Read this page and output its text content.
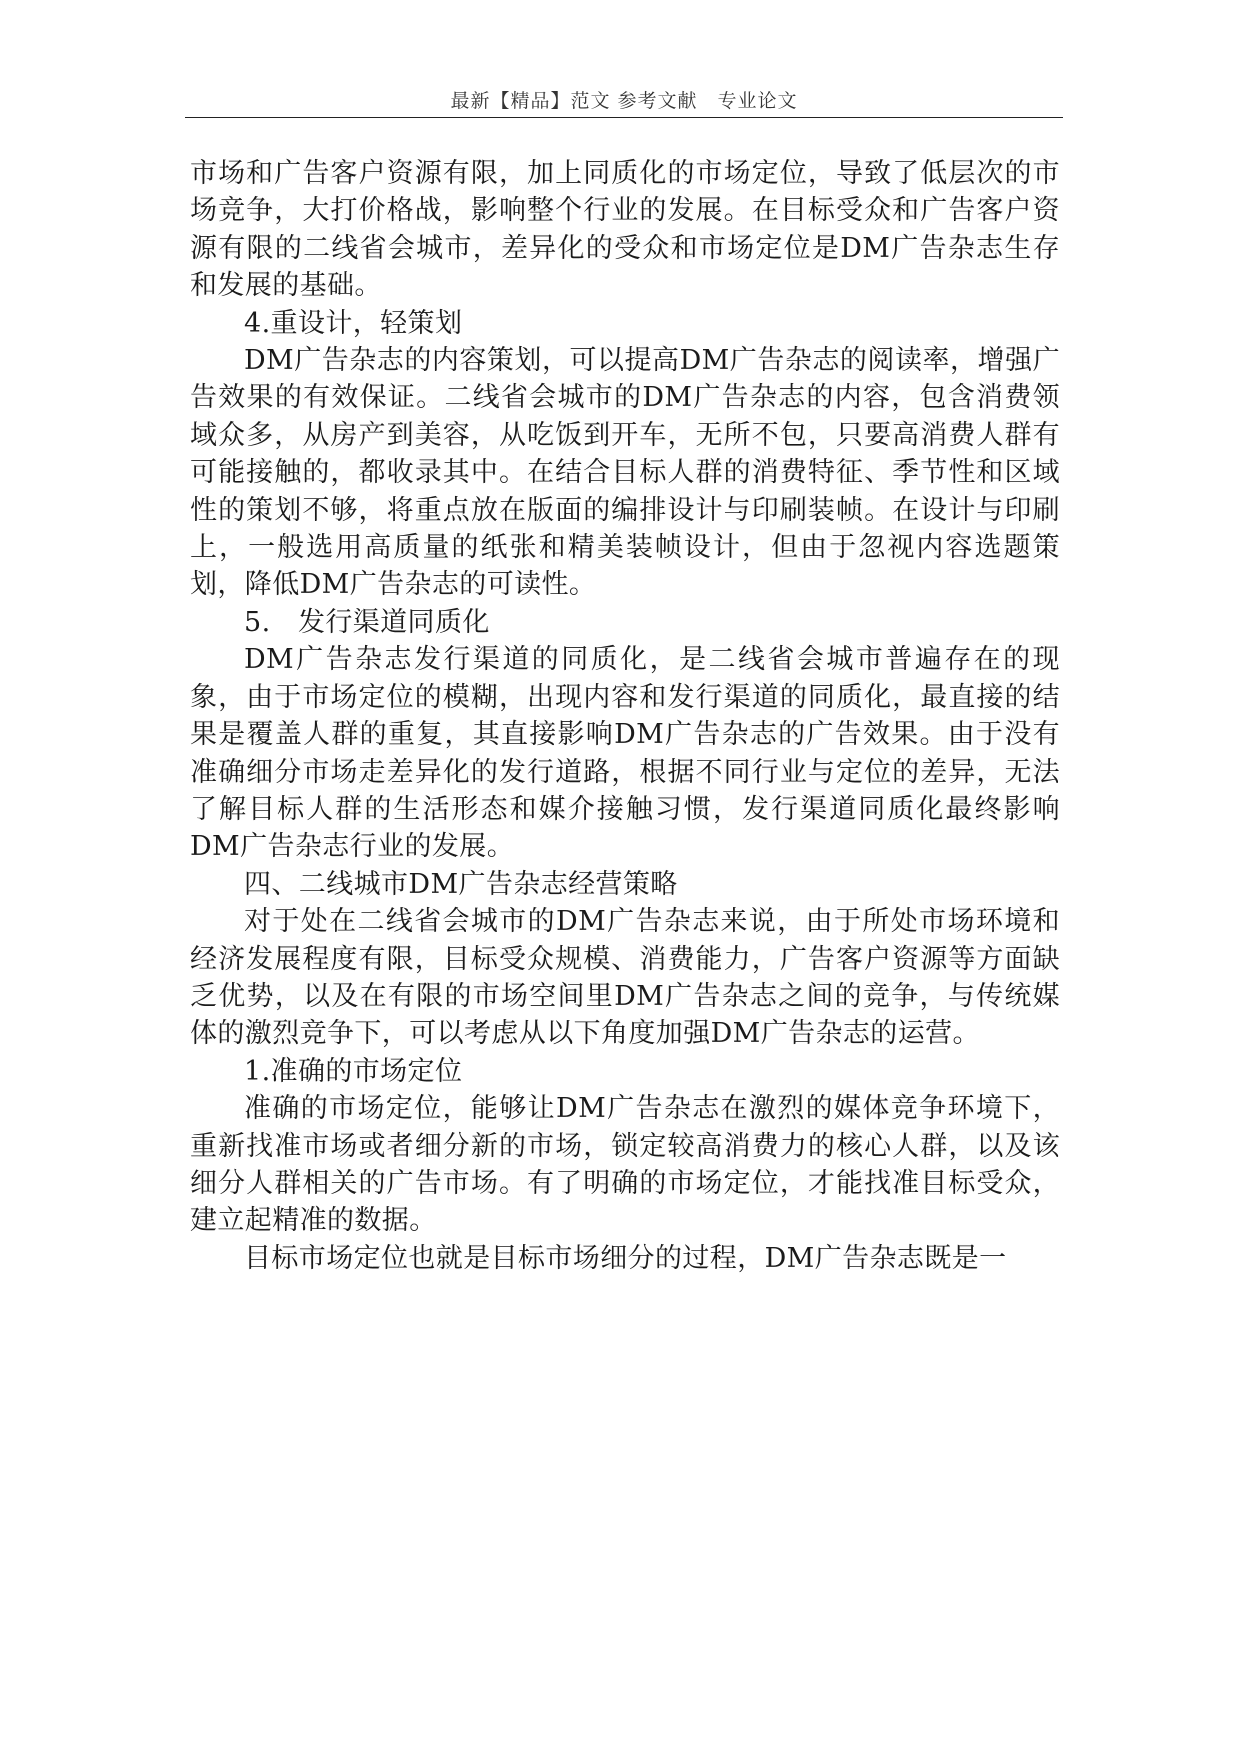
最新【精品】范文 参考文献　专业论文

市场和广告客户资源有限，加上同质化的市场定位，导致了低层次的市场竞争，大打价格战，影响整个行业的发展。在目标受众和广告客户资源有限的二线省会城市，差异化的受众和市场定位是DM广告杂志生存和发展的基础。

4.重设计，轻策划

DM广告杂志的内容策划，可以提高DM广告杂志的阅读率，增强广告效果的有效保证。二线省会城市的DM广告杂志的内容，包含消费领域众多，从房产到美容，从吃饭到开车，无所不包，只要高消费人群有可能接触的，都收录其中。在结合目标人群的消费特征、季节性和区域性的策划不够，将重点放在版面的编排设计与印刷装帧。在设计与印刷上，一般选用高质量的纸张和精美装帧设计，但由于忽视内容选题策划，降低DM广告杂志的可读性。

5.　发行渠道同质化

DM广告杂志发行渠道的同质化，是二线省会城市普遍存在的现象，由于市场定位的模糊，出现内容和发行渠道的同质化，最直接的结果是覆盖人群的重复，其直接影响DM广告杂志的广告效果。由于没有准确细分市场走差异化的发行道路，根据不同行业与定位的差异，无法了解目标人群的生活形态和媒介接触习惯，发行渠道同质化最终影响DM广告杂志行业的发展。

四、二线城市DM广告杂志经营策略

对于处在二线省会城市的DM广告杂志来说，由于所处市场环境和经济发展程度有限，目标受众规模、消费能力，广告客户资源等方面缺乏优势，以及在有限的市场空间里DM广告杂志之间的竞争，与传统媒体的激烈竞争下，可以考虑从以下角度加强DM广告杂志的运营。

1.准确的市场定位

准确的市场定位，能够让DM广告杂志在激烈的媒体竞争环境下，重新找准市场或者细分新的市场，锁定较高消费力的核心人群，以及该细分人群相关的广告市场。有了明确的市场定位，才能找准目标受众，建立起精准的数据。

目标市场定位也就是目标市场细分的过程，DM广告杂志既是一
